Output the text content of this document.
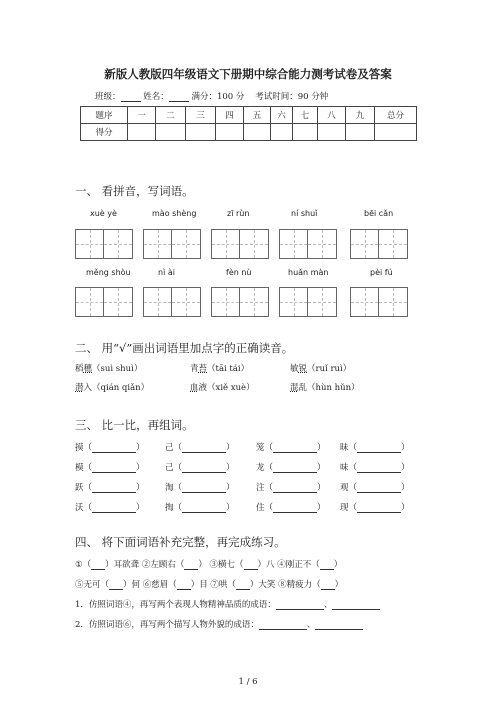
新版人教版四年级语文下册期中综合能力测考试卷及答案
班级：	姓名：	满分：100 分 考试时间：90 分钟
题序	一	二	三	四	五	六	七	八	九	总分
得分										
一、 看拼音，写词语。
xuè yè	mào shèng	zī rùn	ní shuǐ	bēi cǎn
měng shòu	nì ài	fèn nù	huǎn màn	pèi fú
二、 用“√”画出词语里加点字的正确读音。
稻穗（suì shuì）	青苔（tāi tái）	敏锐（ruǐ ruì）
潜入（qián qiǎn）	血液（xiě xuè）	混乱（hùn hǔn）
三、 比一比，再组词。
摸（	） 己（	）	笼（	） 昧（	）
模（	） 己（	）	龙（	） 味（	）
跃（	） 淘（	）	注（	） 观（	）
沃（	） 掏（	）	住（	） 现（	）
四、 将下面词语补充完整，再完成练习。
①（ ）耳欲聋 ②左顾右（ ） ③横七（ ）八 ④刚正不（ ）
⑤无可（ ）何 ⑥慈眉（ ）目 ⑦哄（ ）大笑 ⑧精疲力（ ）
1．仿照词语④，再写两个表现人物精神品质的成语：	、
2．仿照词语⑥，再写两个描写人物外貌的成语：	、
1 / 6
